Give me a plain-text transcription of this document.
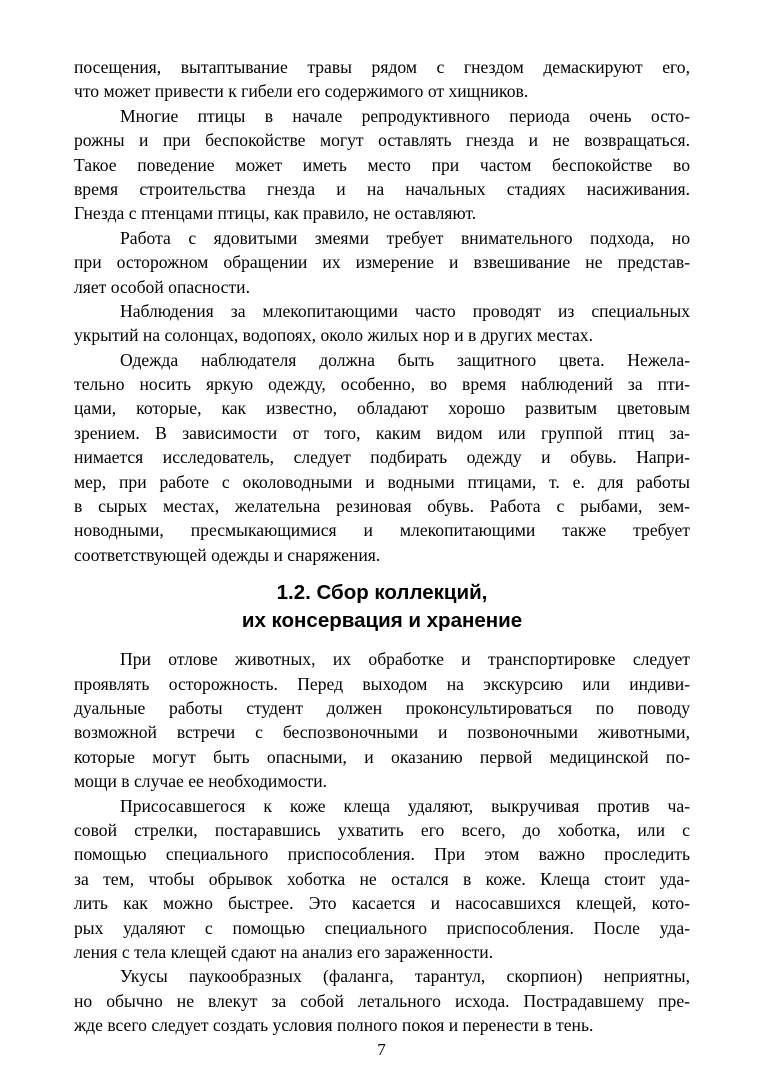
посещения, вытаптывание травы рядом с гнездом демаскируют его,
что может привести к гибели его содержимого от хищников.
Многие птицы в начале репродуктивного периода очень осто-
рожны и при беспокойстве могут оставлять гнезда и не возвращаться.
Такое поведение может иметь место при частом беспокойстве во
время строительства гнезда и на начальных стадиях насиживания.
Гнезда с птенцами птицы, как правило, не оставляют.
Работа с ядовитыми змеями требует внимательного подхода, но
при осторожном обращении их измерение и взвешивание не представ-
ляет особой опасности.
Наблюдения за млекопитающими часто проводят из специальных
укрытий на солонцах, водопоях, около жилых нор и в других местах.
Одежда наблюдателя должна быть защитного цвета. Нежела-
тельно носить яркую одежду, особенно, во время наблюдений за пти-
цами, которые, как известно, обладают хорошо развитым цветовым
зрением. В зависимости от того, каким видом или группой птиц за-
нимается исследователь, следует подбирать одежду и обувь. Напри-
мер, при работе с околоводными и водными птицами, т. е. для работы
в сырых местах, желательна резиновая обувь. Работа с рыбами, зем-
новодными, пресмыкающимися и млекопитающими также требует
соответствующей одежды и снаряжения.
1.2. Сбор коллекций,
их консервация и хранение
При отлове животных, их обработке и транспортировке следует
проявлять осторожность. Перед выходом на экскурсию или индиви-
дуальные работы студент должен проконсультироваться по поводу
возможной встречи с беспозвоночными и позвоночными животными,
которые могут быть опасными, и оказанию первой медицинской по-
мощи в случае ее необходимости.
Присосавшегося к коже клеща удаляют, выкручивая против ча-
совой стрелки, постаравшись ухватить его всего, до хоботка, или с
помощью специального приспособления. При этом важно проследить
за тем, чтобы обрывок хоботка не остался в коже. Клеща стоит уда-
лить как можно быстрее. Это касается и насосавшихся клещей, кото-
рых удаляют с помощью специального приспособления. После уда-
ления с тела клещей сдают на анализ его зараженности.
Укусы паукообразных (фаланга, тарантул, скорпион) неприятны,
но обычно не влекут за собой летального исхода. Пострадавшему пре-
жде всего следует создать условия полного покоя и перенести в тень.
7
